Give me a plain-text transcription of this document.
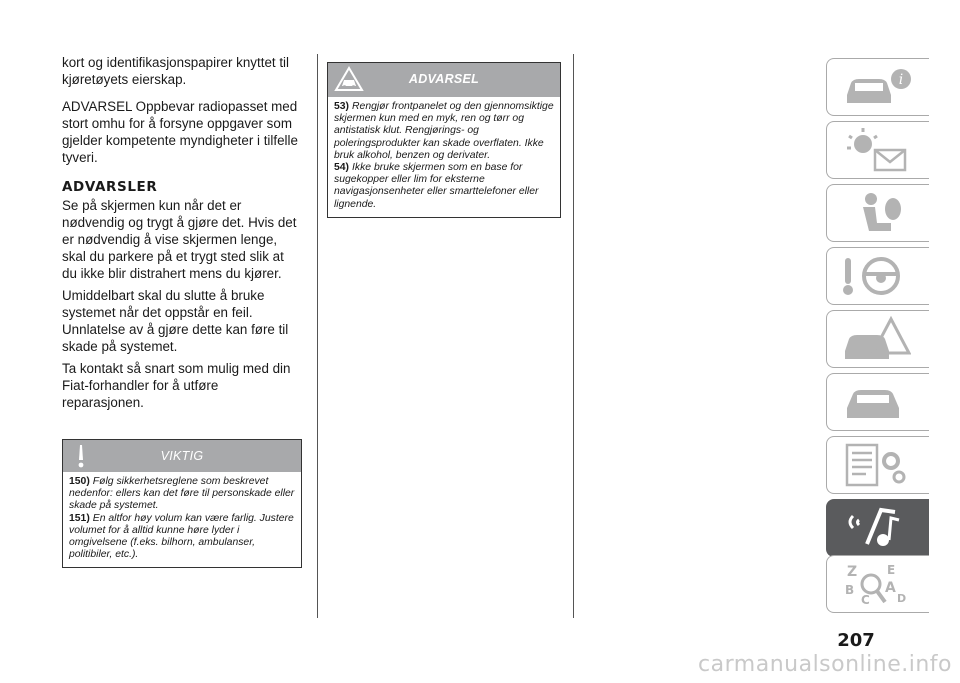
kort og identifikasjonspapirer knyttet til kjøretøyets eierskap.

ADVARSEL Oppbevar radiopasset med stort omhu for å forsyne oppgaver som gjelder kompetente myndigheter i tilfelle tyveri.

ADVARSLER

Se på skjermen kun når det er nødvendig og trygt å gjøre det. Hvis det er nødvendig å vise skjermen lenge, skal du parkere på et trygt sted slik at du ikke blir distrahert mens du kjører.

Umiddelbart skal du slutte å bruke systemet når det oppstår en feil. Unnlatelse av å gjøre dette kan føre til skade på systemet.

Ta kontakt så snart som mulig med din Fiat-forhandler for å utføre reparasjonen.

VIKTIG

150) Følg sikkerhetsreglene som beskrevet nedenfor: ellers kan det føre til personskade eller skade på systemet.

151) En altfor høy volum kan være farlig. Justere volumet for å alltid kunne høre lyder i omgivelsene (f.eks. bilhorn, ambulanser, politibiler, etc.).

ADVARSEL

53) Rengjør frontpanelet og den gjennomsiktige skjermen kun med en myk, ren og tørr og antistatisk klut. Rengjørings- og poleringsprodukter kan skade overflaten. Ikke bruk alkohol, benzen og derivater.

54) Ikke bruke skjermen som en base for sugekopper eller lim for eksterne navigasjonsenheter eller smarttelefoner eller lignende.

i
Z E
B A
C D
207
carmanualsonline.info
